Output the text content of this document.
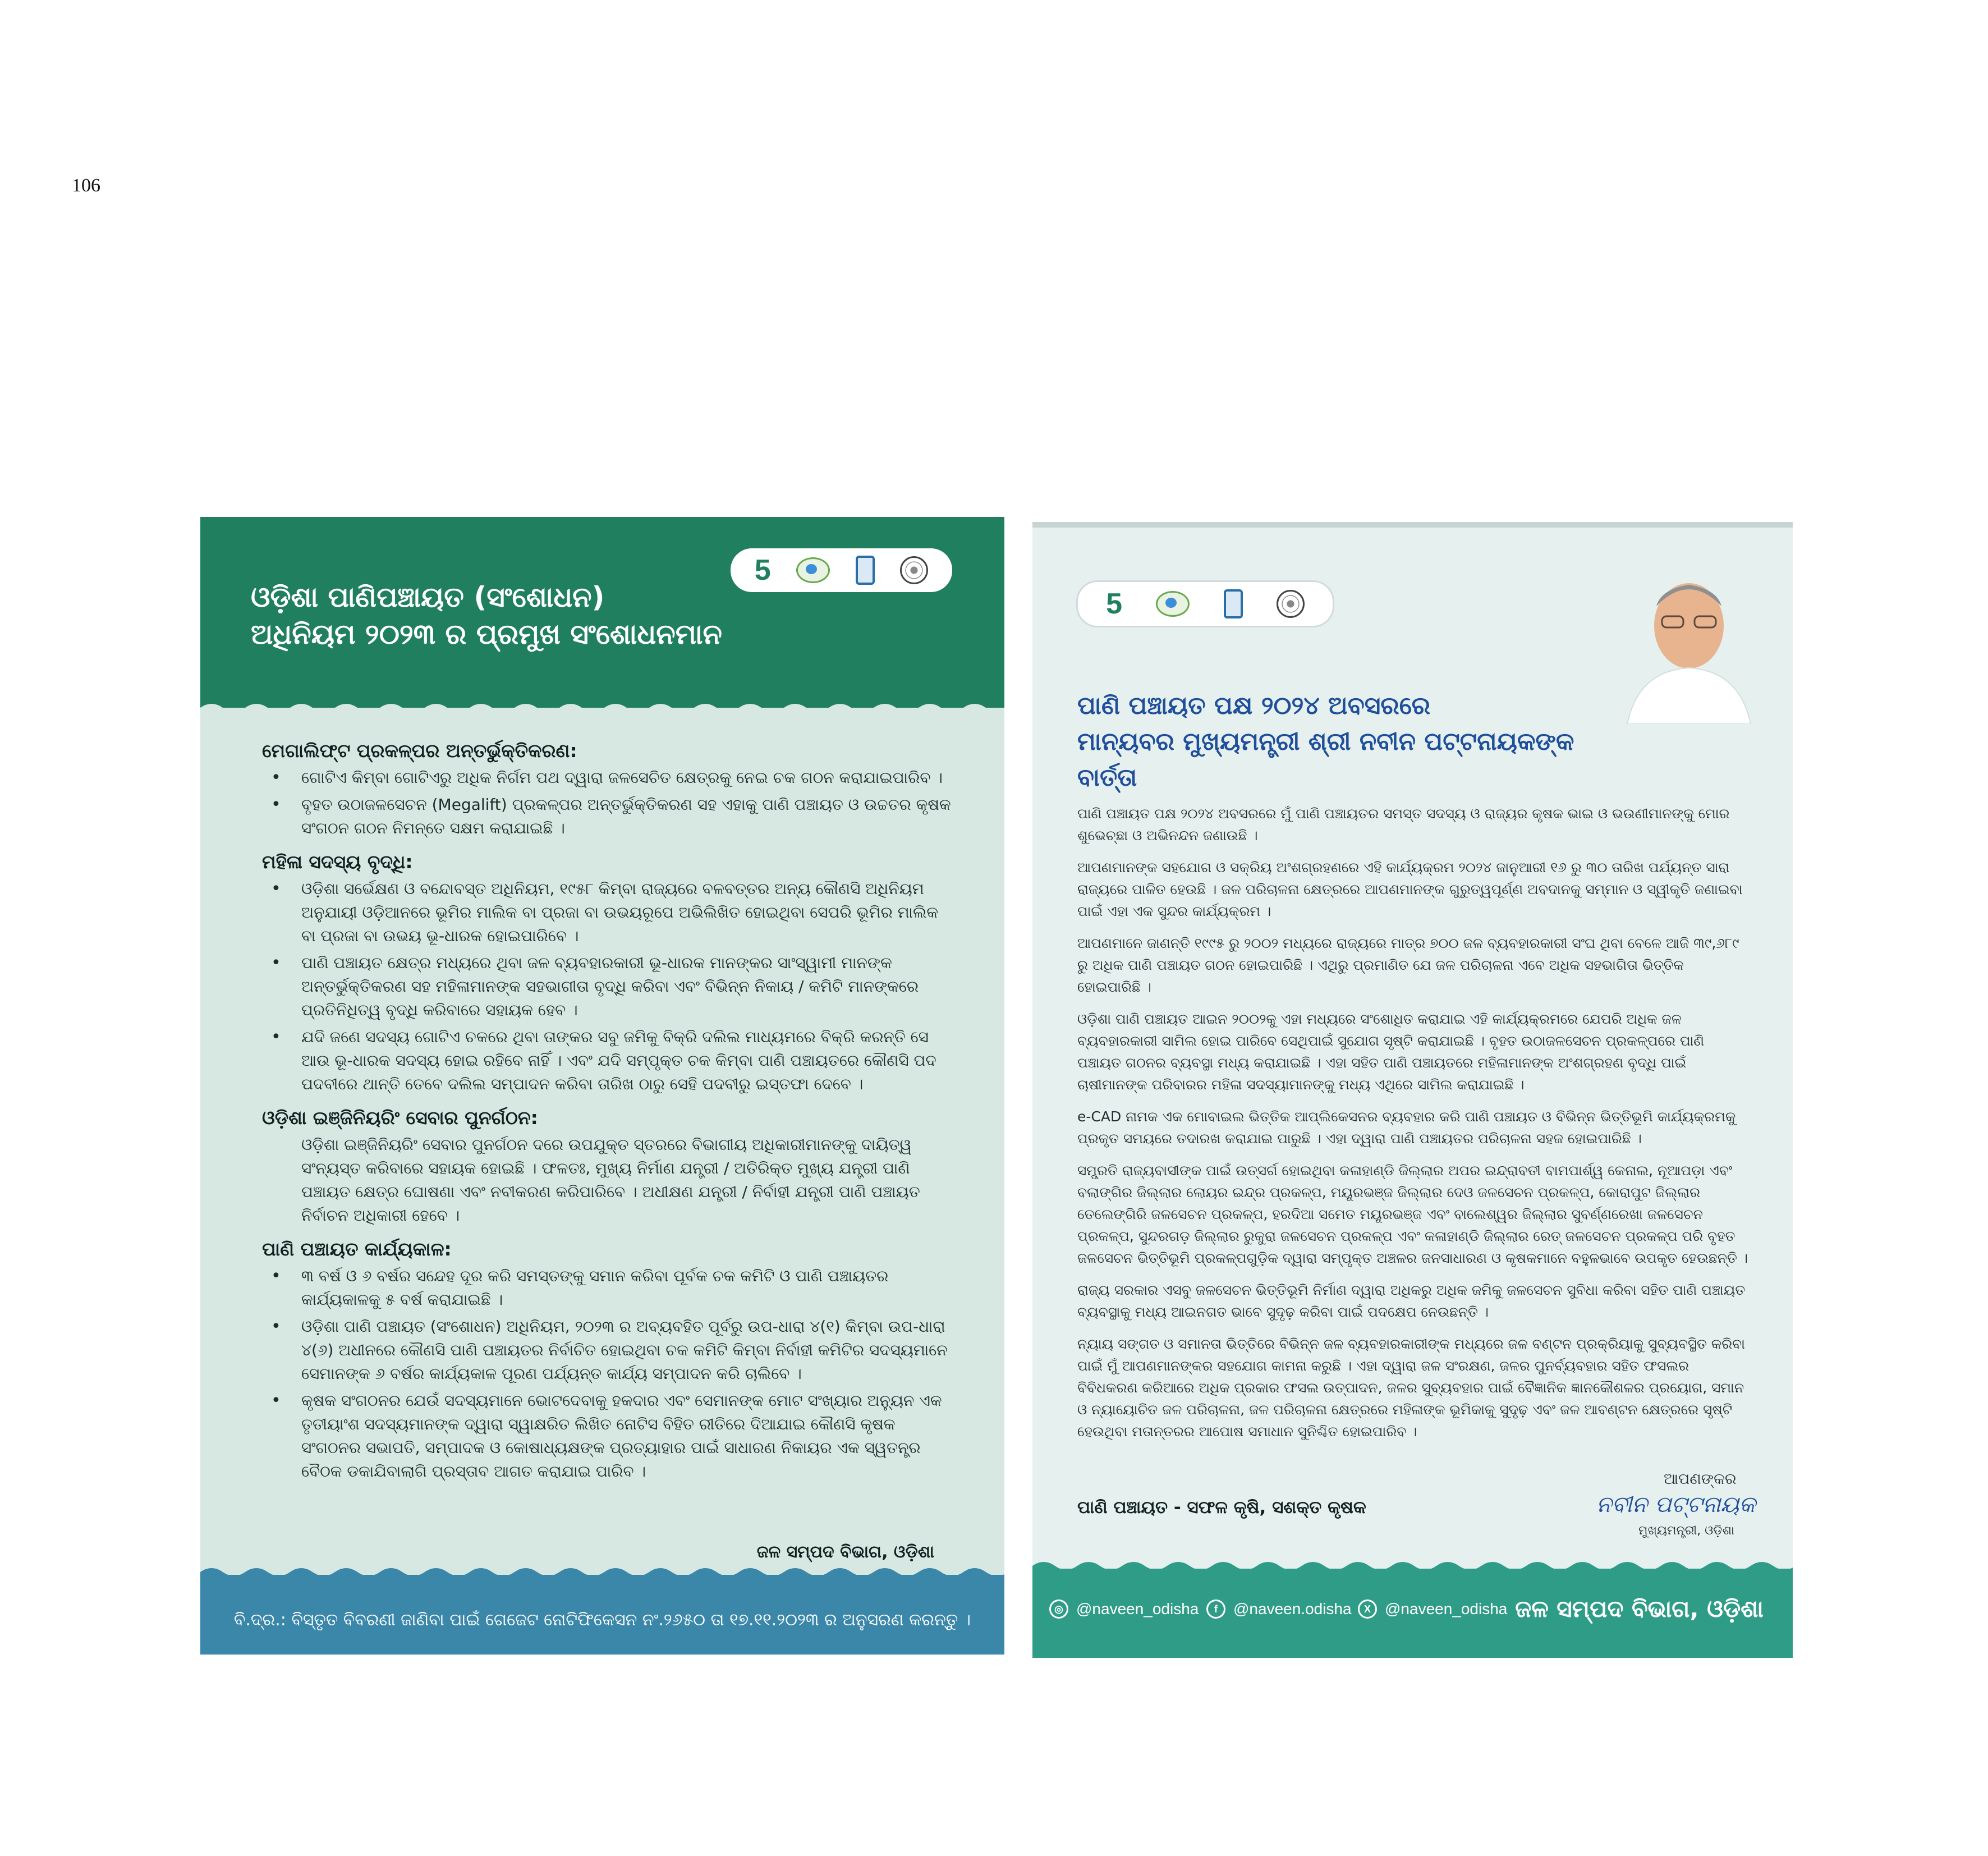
106
5
ଓଡ଼ିଶା ପାଣିପଞ୍ଚାୟତ (ସଂଶୋଧନ)
ଅଧିନିୟମ ୨୦୨୩ ର ପ୍ରମୁଖ ସଂଶୋଧନମାନ
ମେଗାଲିଫ୍ଟ ପ୍ରକଳ୍ପର ଅନ୍ତର୍ଭୁକ୍ତିକରଣ:
• ଗୋଟିଏ କିମ୍ବା ଗୋଟିଏରୁ ଅଧିକ ନିର୍ଗମ ପଥ ଦ୍ୱାରା ଜଳସେଚିତ କ୍ଷେତ୍ରକୁ ନେଇ ଚକ ଗଠନ କରାଯାଇପାରିବ ।
• ବୃହତ ଉଠାଜଳସେଚନ (Megalift) ପ୍ରକଳ୍ପର ଅନ୍ତର୍ଭୁକ୍ତିକରଣ ସହ ଏହାକୁ ପାଣି ପଞ୍ଚାୟତ ଓ ଉଚ୍ଚତର କୃଷକ ସଂଗଠନ ଗଠନ ନିମନ୍ତେ ସକ୍ଷମ କରାଯାଇଛି ।
ମହିଳା ସଦସ୍ୟ ବୃଦ୍ଧି:
• ଓଡ଼ିଶା ସର୍ଭେକ୍ଷଣ ଓ ବନ୍ଦୋବସ୍ତ ଅଧିନିୟମ, ୧୯୫୮ କିମ୍ବା ରାଜ୍ୟରେ ବଳବତ୍ତର ଅନ୍ୟ କୌଣସି ଅଧିନିୟମ ଅନୁଯାୟୀ ଓଡ଼ିଆନରେ ଭୂମିର ମାଲିକ ବା ପ୍ରଜା ବା ଉଭୟରୂପେ ଅଭିଲିଖିତ ହୋଇଥିବା ସେପରି ଭୂମିର ମାଲିକ ବା ପ୍ରଜା ବା ଉଭୟ ଭୂ-ଧାରକ ହୋଇପାରିବେ ।
• ପାଣି ପଞ୍ଚାୟତ କ୍ଷେତ୍ର ମଧ୍ୟରେ ଥିବା ଜଳ ବ୍ୟବହାରକାରୀ ଭୂ-ଧାରକ ମାନଙ୍କର ସାଂସ୍ୱାମୀ ମାନଙ୍କ ଅନ୍ତର୍ଭୁକ୍ତିକରଣ ସହ ମହିଳାମାନଙ୍କ ସହଭାଗୀତା ବୃଦ୍ଧି କରିବା ଏବଂ ବିଭିନ୍ନ ନିକାୟ / କମିଟି ମାନଙ୍କରେ ପ୍ରତିନିଧିତ୍ୱ ବୃଦ୍ଧି କରିବାରେ ସହାୟକ ହେବ ।
• ଯଦି ଜଣେ ସଦସ୍ୟ ଗୋଟିଏ ଚକରେ ଥିବା ତାଙ୍କର ସବୁ ଜମିକୁ ବିକ୍ରି ଦଲିଲ ମାଧ୍ୟମରେ ବିକ୍ରି କରନ୍ତି ସେ ଆଉ ଭୂ-ଧାରକ ସଦସ୍ୟ ହୋଇ ରହିବେ ନାହିଁ । ଏବଂ ଯଦି ସମ୍ପୃକ୍ତ ଚକ କିମ୍ବା ପାଣି ପଞ୍ଚାୟତରେ କୌଣସି ପଦ ପଦବୀରେ ଥାନ୍ତି ତେବେ ଦଲିଲ ସମ୍ପାଦନ କରିବା ତାରିଖ ଠାରୁ ସେହି ପଦବୀରୁ ଇସ୍ତଫା ଦେବେ ।
ଓଡ଼ିଶା ଇଞ୍ଜିନିୟରିଂ ସେବାର ପୁନର୍ଗଠନ:

ଓଡ଼ିଶା ଇଞ୍ଜିନିୟରିଂ ସେବାର ପୁନର୍ଗଠନ ଦରେ ଉପଯୁକ୍ତ ସ୍ତରରେ ବିଭାଗୀୟ ଅଧିକାରୀମାନଙ୍କୁ ଦାୟିତ୍ୱ ସଂନ୍ୟସ୍ତ କରିବାରେ ସହାୟକ ହୋଇଛି । ଫଳତଃ, ମୁଖ୍ୟ ନିର୍ମାଣ ଯନ୍ତ୍ରୀ / ଅତିରିକ୍ତ ମୁଖ୍ୟ ଯନ୍ତ୍ରୀ ପାଣି ପଞ୍ଚାୟତ କ୍ଷେତ୍ର ଘୋଷଣା ଏବଂ ନବୀକରଣ କରିପାରିବେ । ଅଧୀକ୍ଷଣ ଯନ୍ତ୍ରୀ / ନିର୍ବାହୀ ଯନ୍ତ୍ରୀ ପାଣି ପଞ୍ଚାୟତ ନିର୍ବାଚନ ଅଧିକାରୀ ହେବେ ।

ପାଣି ପଞ୍ଚାୟତ କାର୍ଯ୍ୟକାଳ:
• ୩ ବର୍ଷ ଓ ୬ ବର୍ଷର ସନ୍ଦେହ ଦୂର କରି ସମସ୍ତଙ୍କୁ ସମାନ କରିବା ପୂର୍ବକ ଚକ କମିଟି ଓ ପାଣି ପଞ୍ଚାୟତର କାର୍ଯ୍ୟକାଳକୁ ୫ ବର୍ଷ କରାଯାଇଛି ।
• ଓଡ଼ିଶା ପାଣି ପଞ୍ଚାୟତ (ସଂଶୋଧନ) ଅଧିନିୟମ, ୨୦୨୩ ର ଅବ୍ୟବହିତ ପୂର୍ବରୁ ଉପ-ଧାରା ୪(୧) କିମ୍ବା ଉପ-ଧାରା ୪(୬) ଅଧୀନରେ କୌଣସି ପାଣି ପଞ୍ଚାୟତର ନିର୍ବାଚିତ ହୋଇଥିବା ଚକ କମିଟି କିମ୍ବା ନିର୍ବାହୀ କମିଟିର ସଦସ୍ୟମାନେ ସେମାନଙ୍କ ୬ ବର୍ଷର କାର୍ଯ୍ୟକାଳ ପୂରଣ ପର୍ଯ୍ୟନ୍ତ କାର୍ଯ୍ୟ ସମ୍ପାଦନ କରି ଚାଲିବେ ।
• କୃଷକ ସଂଗଠନର ଯେଉଁ ସଦସ୍ୟମାନେ ଭୋଟଦେବାକୁ ହକଦାର ଏବଂ ସେମାନଙ୍କ ମୋଟ ସଂଖ୍ୟାର ଅନ୍ୟୁନ ଏକ ତୃତୀୟାଂଶ ସଦସ୍ୟମାନଙ୍କ ଦ୍ୱାରା ସ୍ୱାକ୍ଷରିତ ଲିଖିତ ନୋଟିସ ବିହିତ ରୀତିରେ ଦିଆଯାଇ କୌଣସି କୃଷକ ସଂଗଠନର ସଭାପତି, ସମ୍ପାଦକ ଓ କୋଷାଧ୍ୟକ୍ଷଙ୍କ ପ୍ରତ୍ୟାହାର ପାଇଁ ସାଧାରଣ ନିକାୟର ଏକ ସ୍ୱତନ୍ତ୍ର ବୈଠକ ଡକାଯିବାଲାଗି ପ୍ରସ୍ତାବ ଆଗତ କରାଯାଇ ପାରିବ ।
ଜଳ ସମ୍ପଦ ବିଭାଗ, ଓଡ଼ିଶା
ବି.ଦ୍ର.: ବିସ୍ତୃତ ବିବରଣୀ ଜାଣିବା ପାଇଁ ଗେଜେଟ ନୋଟିଫିକେସନ ନଂ.୨୬୫୦ ତା ୧୭.୧୧.୨୦୨୩ ର ଅନୁସରଣ କରନ୍ତୁ ।
5
ପାଣି ପଞ୍ଚାୟତ ପକ୍ଷ ୨୦୨୪ ଅବସରରେ
ମାନ୍ୟବର ମୁଖ୍ୟମନ୍ତ୍ରୀ ଶ୍ରୀ ନବୀନ ପଟ୍ଟନାୟକଙ୍କ ବାର୍ତ୍ତା

ପାଣି ପଞ୍ଚାୟତ ପକ୍ଷ ୨୦୨୪ ଅବସରରେ ମୁଁ ପାଣି ପଞ୍ଚାୟତର ସମସ୍ତ ସଦସ୍ୟ ଓ ରାଜ୍ୟର କୃଷକ ଭାଇ ଓ ଭଉଣୀମାନଙ୍କୁ ମୋର ଶୁଭେଚ୍ଛା ଓ ଅଭିନନ୍ଦନ ଜଣାଉଛି ।

ଆପଣମାନଙ୍କ ସହଯୋଗ ଓ ସକ୍ରିୟ ଅଂଶଗ୍ରହଣରେ ଏହି କାର୍ଯ୍ୟକ୍ରମ ୨୦୨୪ ଜାନୁଆରୀ ୧୬ ରୁ ୩୦ ତାରିଖ ପର୍ଯ୍ୟନ୍ତ ସାରା ରାଜ୍ୟରେ ପାଳିତ ହେଉଛି । ଜଳ ପରିଚାଳନା କ୍ଷେତ୍ରରେ ଆପଣମାନଙ୍କ ଗୁରୁତ୍ୱପୂର୍ଣ୍ଣ ଅବଦାନକୁ ସମ୍ମାନ ଓ ସ୍ୱୀକୃତି ଜଣାଇବା ପାଇଁ ଏହା ଏକ ସୁନ୍ଦର କାର୍ଯ୍ୟକ୍ରମ ।

ଆପଣମାନେ ଜାଣନ୍ତି ୧୯୯୫ ରୁ ୨୦୦୨ ମଧ୍ୟରେ ରାଜ୍ୟରେ ମାତ୍ର ୭୦୦ ଜଳ ବ୍ୟବହାରକାରୀ ସଂଘ ଥିବା ବେଳେ ଆଜି ୩୯,୬୮୯ ରୁ ଅଧିକ ପାଣି ପଞ୍ଚାୟତ ଗଠନ ହୋଇପାରିଛି । ଏଥିରୁ ପ୍ରମାଣିତ ଯେ ଜଳ ପରିଚାଳନା ଏବେ ଅଧିକ ସହଭାଗିତା ଭିତ୍ତିକ ହୋଇପାରିଛି ।

ଓଡ଼ିଶା ପାଣି ପଞ୍ଚାୟତ ଆଇନ ୨୦୦୨କୁ ଏହା ମଧ୍ୟରେ ସଂଶୋଧିତ କରାଯାଇ ଏହି କାର୍ଯ୍ୟକ୍ରମରେ ଯେପରି ଅଧିକ ଜଳ ବ୍ୟବହାରକାରୀ ସାମିଲ ହୋଇ ପାରିବେ ସେଥିପାଇଁ ସୁଯୋଗ ସୃଷ୍ଟି କରାଯାଇଛି । ବୃହତ ଉଠାଜଳସେଚନ ପ୍ରକଳ୍ପରେ ପାଣି ପଞ୍ଚାୟତ ଗଠନର ବ୍ୟବସ୍ଥା ମଧ୍ୟ କରାଯାଇଛି । ଏହା ସହିତ ପାଣି ପଞ୍ଚାୟତରେ ମହିଳାମାନଙ୍କ ଅଂଶଗ୍ରହଣ ବୃଦ୍ଧି ପାଇଁ ଚାଷୀମାନଙ୍କ ପରିବାରର ମହିଳା ସଦସ୍ୟାମାନଙ୍କୁ ମଧ୍ୟ ଏଥିରେ ସାମିଲ କରାଯାଇଛି ।

e-CAD ନାମକ ଏକ ମୋବାଇଲ ଭିତ୍ତିକ ଆପ୍ଲିକେସନର ବ୍ୟବହାର କରି ପାଣି ପଞ୍ଚାୟତ ଓ ବିଭିନ୍ନ ଭିତ୍ତିଭୂମି କାର୍ଯ୍ୟକ୍ରମକୁ ପ୍ରକୃତ ସମୟରେ ତଦାରଖ କରାଯାଇ ପାରୁଛି । ଏହା ଦ୍ୱାରା ପାଣି ପଞ୍ଚାୟତର ପରିଚାଳନା ସହଜ ହୋଇପାରିଛି ।

ସମ୍ପ୍ରତି ରାଜ୍ୟବାସୀଙ୍କ ପାଇଁ ଉତ୍ସର୍ଗ ହୋଇଥିବା କଳାହାଣ୍ଡି ଜିଲ୍ଲାର ଅପର ଇନ୍ଦ୍ରାବତୀ ବାମପାର୍ଶ୍ୱ କେନାଲ, ନୂଆପଡ଼ା ଏବଂ ବଲାଙ୍ଗିର ଜିଲ୍ଲାର ଲୋୟର ଇନ୍ଦ୍ର ପ୍ରକଳ୍ପ, ମୟୂରଭଞ୍ଜ ଜିଲ୍ଲାର ଦେଓ ଜଳସେଚନ ପ୍ରକଳ୍ପ, କୋରାପୁଟ ଜିଲ୍ଲାର ତେଲେଙ୍ଗିରି ଜଳସେଚନ ପ୍ରକଳ୍ପ, ହରଦିଆ ସମେତ ମୟୂରଭଞ୍ଜ ଏବଂ ବାଲେଶ୍ୱର ଜିଲ୍ଲାର ସୁବର୍ଣ୍ଣରେଖା ଜଳସେଚନ ପ୍ରକଳ୍ପ, ସୁନ୍ଦରଗଡ଼ ଜିଲ୍ଲାର ରୁକୁରା ଜଳସେଚନ ପ୍ରକଳ୍ପ ଏବଂ କଳାହାଣ୍ଡି ଜିଲ୍ଲାର ରେତ୍ ଜଳସେଚନ ପ୍ରକଳ୍ପ ପରି ବୃହତ ଜଳସେଚନ ଭିତ୍ତିଭୂମି ପ୍ରକଳ୍ପଗୁଡ଼ିକ ଦ୍ୱାରା ସମ୍ପୃକ୍ତ ଅଞ୍ଚଳର ଜନସାଧାରଣ ଓ କୃଷକମାନେ ବହୁଳଭାବେ ଉପକୃତ ହେଉଛନ୍ତି ।

ରାଜ୍ୟ ସରକାର ଏସବୁ ଜଳସେଚନ ଭିତ୍ତିଭୂମି ନିର୍ମାଣ ଦ୍ୱାରା ଅଧିକରୁ ଅଧିକ ଜମିକୁ ଜଳସେଚନ ସୁବିଧା କରିବା ସହିତ ପାଣି ପଞ୍ଚାୟତ ବ୍ୟବସ୍ଥାକୁ ମଧ୍ୟ ଆଇନଗତ ଭାବେ ସୁଦୃଢ଼ କରିବା ପାଇଁ ପଦକ୍ଷେପ ନେଉଛନ୍ତି ।

ନ୍ୟାୟ ସଙ୍ଗତ ଓ ସମାନତା ଭିତ୍ତିରେ ବିଭିନ୍ନ ଜଳ ବ୍ୟବହାରକାରୀଙ୍କ ମଧ୍ୟରେ ଜଳ ବଣ୍ଟନ ପ୍ରକ୍ରିୟାକୁ ସୁବ୍ୟବସ୍ଥିତ କରିବା ପାଇଁ ମୁଁ ଆପଣମାନଙ୍କର ସହଯୋଗ କାମନା କରୁଛି । ଏହା ଦ୍ୱାରା ଜଳ ସଂରକ୍ଷଣ, ଜଳର ପୁନର୍ବ୍ୟବହାର ସହିତ ଫସଲର ବିବିଧକରଣ କରିଆରେ ଅଧିକ ପ୍ରକାର ଫସଲ ଉତ୍ପାଦନ, ଜଳର ସୁବ୍ୟବହାର ପାଇଁ ବୈଜ୍ଞାନିକ ଜ୍ଞାନକୌଶଳର ପ୍ରୟୋଗ, ସମାନ ଓ ନ୍ୟାୟୋଚିତ ଜଳ ପରିଚାଳନା, ଜଳ ପରିଚାଳନା କ୍ଷେତ୍ରରେ ମହିଳାଙ୍କ ଭୂମିକାକୁ ସୁଦୃଢ଼ ଏବଂ ଜଳ ଆବଣ୍ଟନ କ୍ଷେତ୍ରରେ ସୃଷ୍ଟି ହେଉଥିବା ମତାନ୍ତରର ଆପୋଷ ସମାଧାନ ସୁନିଶ୍ଚିତ ହୋଇପାରିବ ।

ଆପଣଙ୍କର
ନବୀନ ପଟ୍ଟନାୟକ
ମୁଖ୍ୟମନ୍ତ୍ରୀ, ଓଡ଼ିଶା
ପାଣି ପଞ୍ଚାୟତ - ସଫଳ କୃଷି, ସଶକ୍ତ କୃଷକ
◎ @naveen_odisha	f	@naveen.odisha	X @naveen_odisha ଜଳ ସମ୍ପଦ ବିଭାଗ, ଓଡ଼ିଶା
